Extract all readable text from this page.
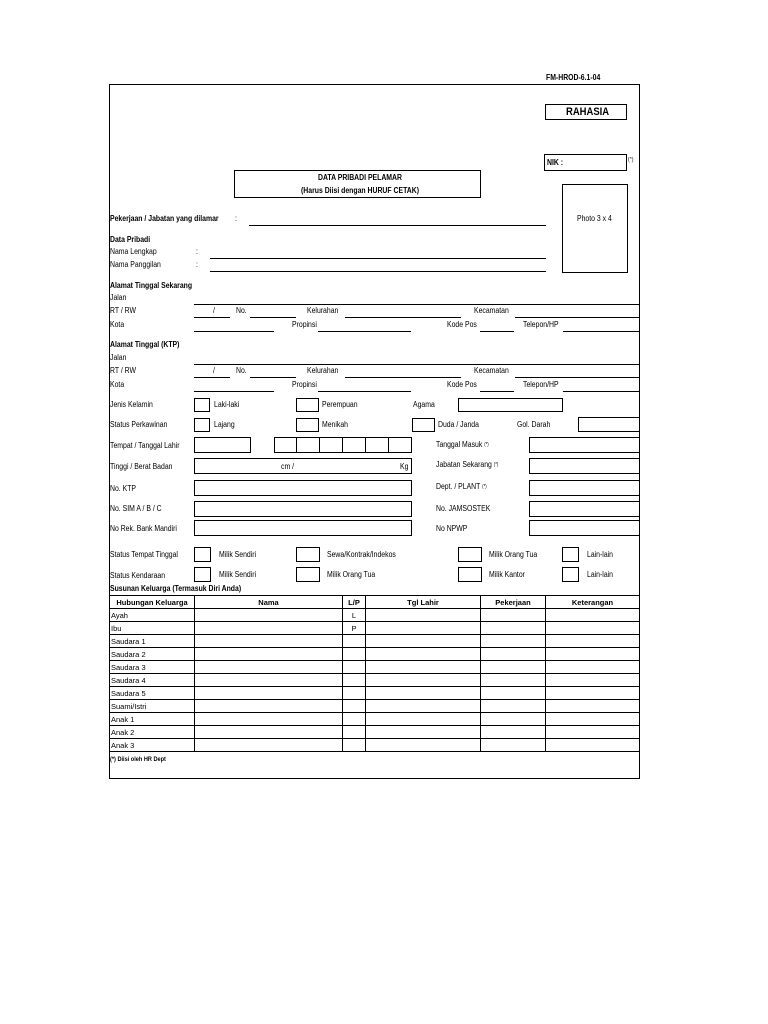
FM-HROD-6.1-04
RAHASIA
NIK :	(*)
DATA PRIBADI PELAMAR
(Harus Diisi dengan HURUF CETAK)
Photo 3 x 4
Pekerjaan / Jabatan yang dilamar :
Data Pribadi
Nama Lengkap	:
Nama Panggilan	:
Alamat Tinggal Sekarang
Jalan
RT / RW	/	No.	Kelurahan	Kecamatan
Kota	Propinsi	Kode Pos	Telepon/HP
Alamat Tinggal (KTP)
Jalan
RT / RW	/	No.	Kelurahan	Kecamatan
Kota	Propinsi	Kode Pos	Telepon/HP
Jenis Kelamin	Laki-laki	Perempuan	Agama
Status Perkawinan	Lajang	Menikah	Duda / Janda	Gol. Darah
Tempat / Tanggal Lahir	Tanggal Masuk (*)
Tinggi / Berat Badan	cm /	Kg	Jabatan Sekarang (*)
No. KTP	Dept. / PLANT (*)
No. SIM A / B / C	No. JAMSOSTEK
No Rek. Bank Mandiri	No NPWP
Status Tempat Tinggal	Milik Sendiri	Sewa/Kontrak/Indekos	Milik Orang Tua	Lain-lain
Status Kendaraan	Milik Sendiri	Milik Orang Tua	Milik Kantor	Lain-lain
Susunan Keluarga (Termasuk Diri Anda)
Hubungan Keluarga	Nama	L/P	Tgl Lahir	Pekerjaan	Keterangan
Ayah		L			
Ibu		P			
Saudara 1					
Saudara 2					
Saudara 3					
Saudara 4					
Saudara 5					
Suami/Istri					
Anak 1					
Anak 2					
Anak 3					
(*) Diisi oleh HR Dept
